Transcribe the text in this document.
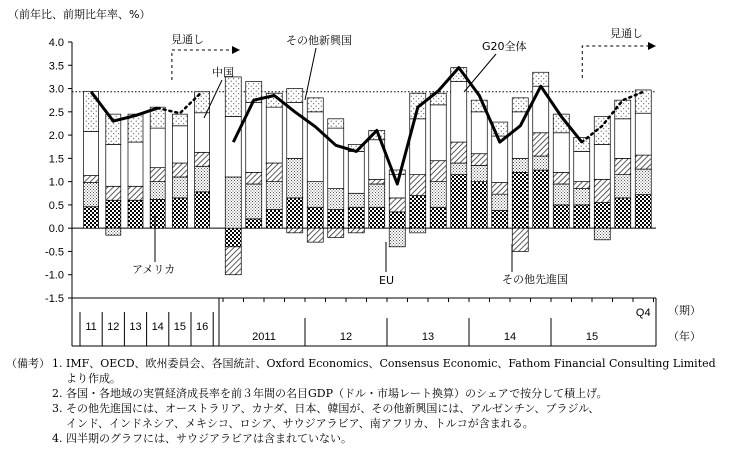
（前年比、前期比年率、%）
4.0
3.5
3.0
2.5
2.0
1.5
1.0
0.5
0.0
-0.5
-1.0
-1.5
11 12 13 14 15 16
2011	12	13	14	15
Q4
見通し	見通し
中国
その他新興国	G20全体
アメリカ
EU	その他先進国
（期）
（年）
（備考） 1. IMF、OECD、欧州委員会、各国統計、Oxford Economics、Consensus Economic、Fathom Financial Consulting Limited
より作成。
2. 各国・各地域の実質経済成長率を前３年間の名目GDP（ドル・市場レート換算）のシェアで按分して積上げ。
3. その他先進国には、オーストラリア、カナダ、日本、韓国が、その他新興国には、アルゼンチン、ブラジル、
インド、インドネシア、メキシコ、ロシア、サウジアラビア、南アフリカ、トルコが含まれる。
4. 四半期のグラフには、サウジアラビアは含まれていない。
